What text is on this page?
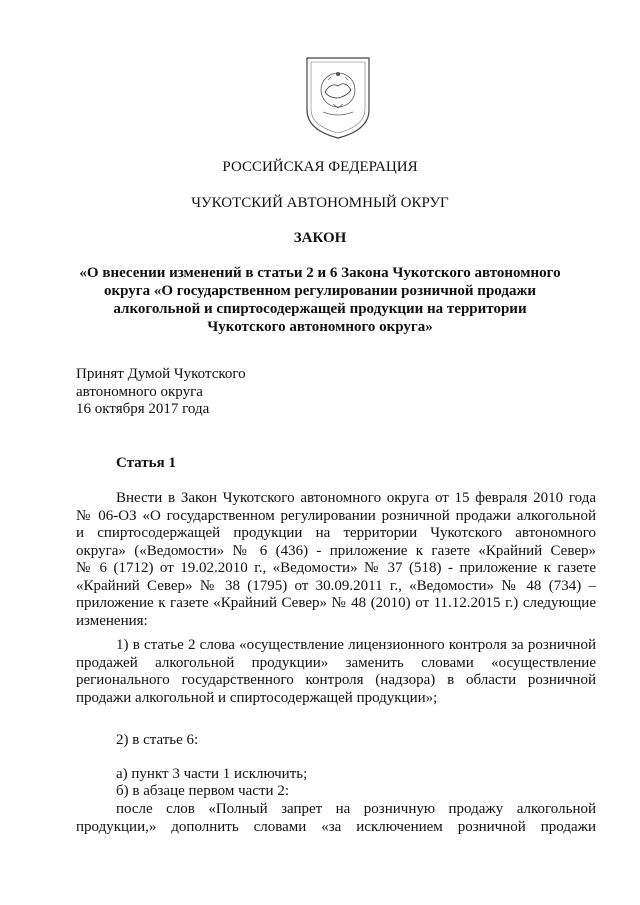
РОССИЙСКАЯ ФЕДЕРАЦИЯ
ЧУКОТСКИЙ АВТОНОМНЫЙ ОКРУГ
ЗАКОН
«О внесении изменений в статьи 2 и 6 Закона Чукотского автономного
округа «О государственном регулировании розничной продажи
алкогольной и спиртосодержащей продукции на территории
Чукотского автономного округа»
Принят Думой Чукотского
автономного округа
16 октября 2017 года
Статья 1
Внести в Закон Чукотского автономного округа от 15 февраля 2010 года
№ 06-ОЗ «О государственном регулировании розничной продажи алкогольной
и спиртосодержащей продукции на территории Чукотского автономного
округа» («Ведомости» № 6 (436) - приложение к газете «Крайний Север»
№ 6 (1712) от 19.02.2010 г., «Ведомости» № 37 (518) - приложение к газете
«Крайний Север» № 38 (1795) от 30.09.2011 г., «Ведомости» № 48 (734) –
приложение к газете «Крайний Север» № 48 (2010) от 11.12.2015 г.) следующие
изменения:
1) в статье 2 слова «осуществление лицензионного контроля за розничной
продажей алкогольной продукции» заменить словами «осуществление
регионального государственного контроля (надзора) в области розничной
продажи алкогольной и спиртосодержащей продукции»;
2) в статье 6:
а) пункт 3 части 1 исключить;
б) в абзаце первом части 2:
после слов «Полный запрет на розничную продажу алкогольной
продукции,» дополнить словами «за исключением розничной продажи
